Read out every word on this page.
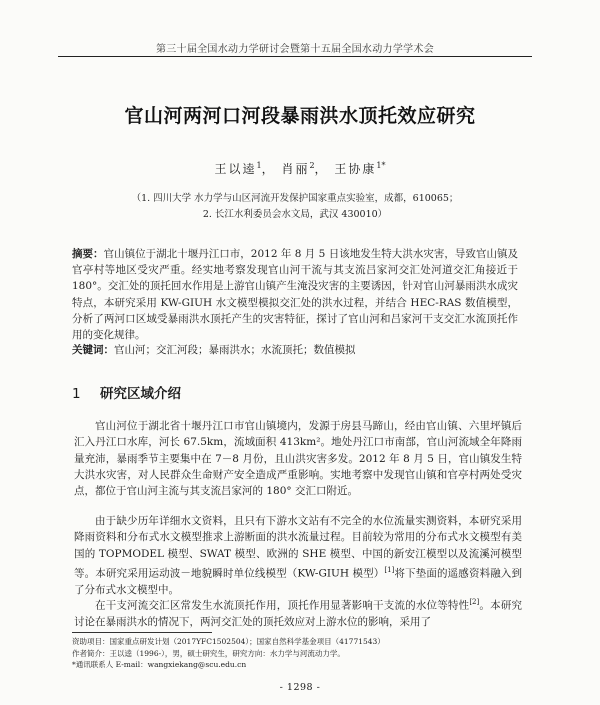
第三十届全国水动力学研讨会暨第十五届全国水动力学学术会
官山河两河口河段暴雨洪水顶托效应研究
王以逵$^1$， 肖丽$^2$， 王协康$^{1*}$
（1. 四川大学 水力学与山区河流开发保护国家重点实验室，成都，610065；
2. 长江水利委员会水文局，武汉 430010）
摘要：官山镇位于湖北十堰丹江口市，2012 年 8 月 5 日该地发生特大洪水灾害，导致官山镇及官亭村等地区受灾严重。经实地考察发现官山河干流与其支流吕家河交汇处河道交汇角接近于 180°。交汇处的顶托回水作用是上游官山镇产生淹没灾害的主要诱因，针对官山河暴雨洪水成灾特点，本研究采用 KW-GIUH 水文模型模拟交汇处的洪水过程，并结合 HEC-RAS 数值模型，分析了两河口区域受暴雨洪水顶托产生的灾害特征，探讨了官山河和吕家河干支交汇水流顶托作用的变化规律。
关键词：官山河；交汇河段；暴雨洪水；水流顶托；数值模拟
1 研究区域介绍

官山河位于湖北省十堰丹江口市官山镇境内，发源于房县马蹄山，经由官山镇、六里坪镇后汇入丹江口水库，河长 67.5km，流域面积 413km²。地处丹江口市南部，官山河流域全年降雨量充沛，暴雨季节主要集中在 7－8 月份，且山洪灾害多发。2012 年 8 月 5 日，官山镇发生特大洪水灾害，对人民群众生命财产安全造成严重影响。实地考察中发现官山镇和官亭村两处受灾点，都位于官山河主流与其支流吕家河的 180° 交汇口附近。

由于缺少历年详细水文资料，且只有下游水文站有不完全的水位流量实测资料，本研究采用降雨资料和分布式水文模型推求上游断面的洪水流量过程。目前较为常用的分布式水文模型有美国的 TOPMODEL 模型、SWAT 模型、欧洲的 SHE 模型、中国的新安江模型以及流溪河模型等。本研究采用运动波－地貌瞬时单位线模型（KW-GIUH 模型）[1]将下垫面的遥感资料融入到了分布式水文模型中。

在干支河流交汇区常发生水流顶托作用，顶托作用显著影响干支流的水位等特性[2]。本研究讨论在暴雨洪水的情况下，两河交汇处的顶托效应对上游水位的影响，采用了

资助项目：国家重点研发计划（2017YFC1502504）；国家自然科学基金项目（41771543）
作者简介：王以逵（1996-），男，硕士研究生，研究方向：水力学与河流动力学。
*通讯联系人 E-mail：wangxiekang@scu.edu.cn
- 1298 -
